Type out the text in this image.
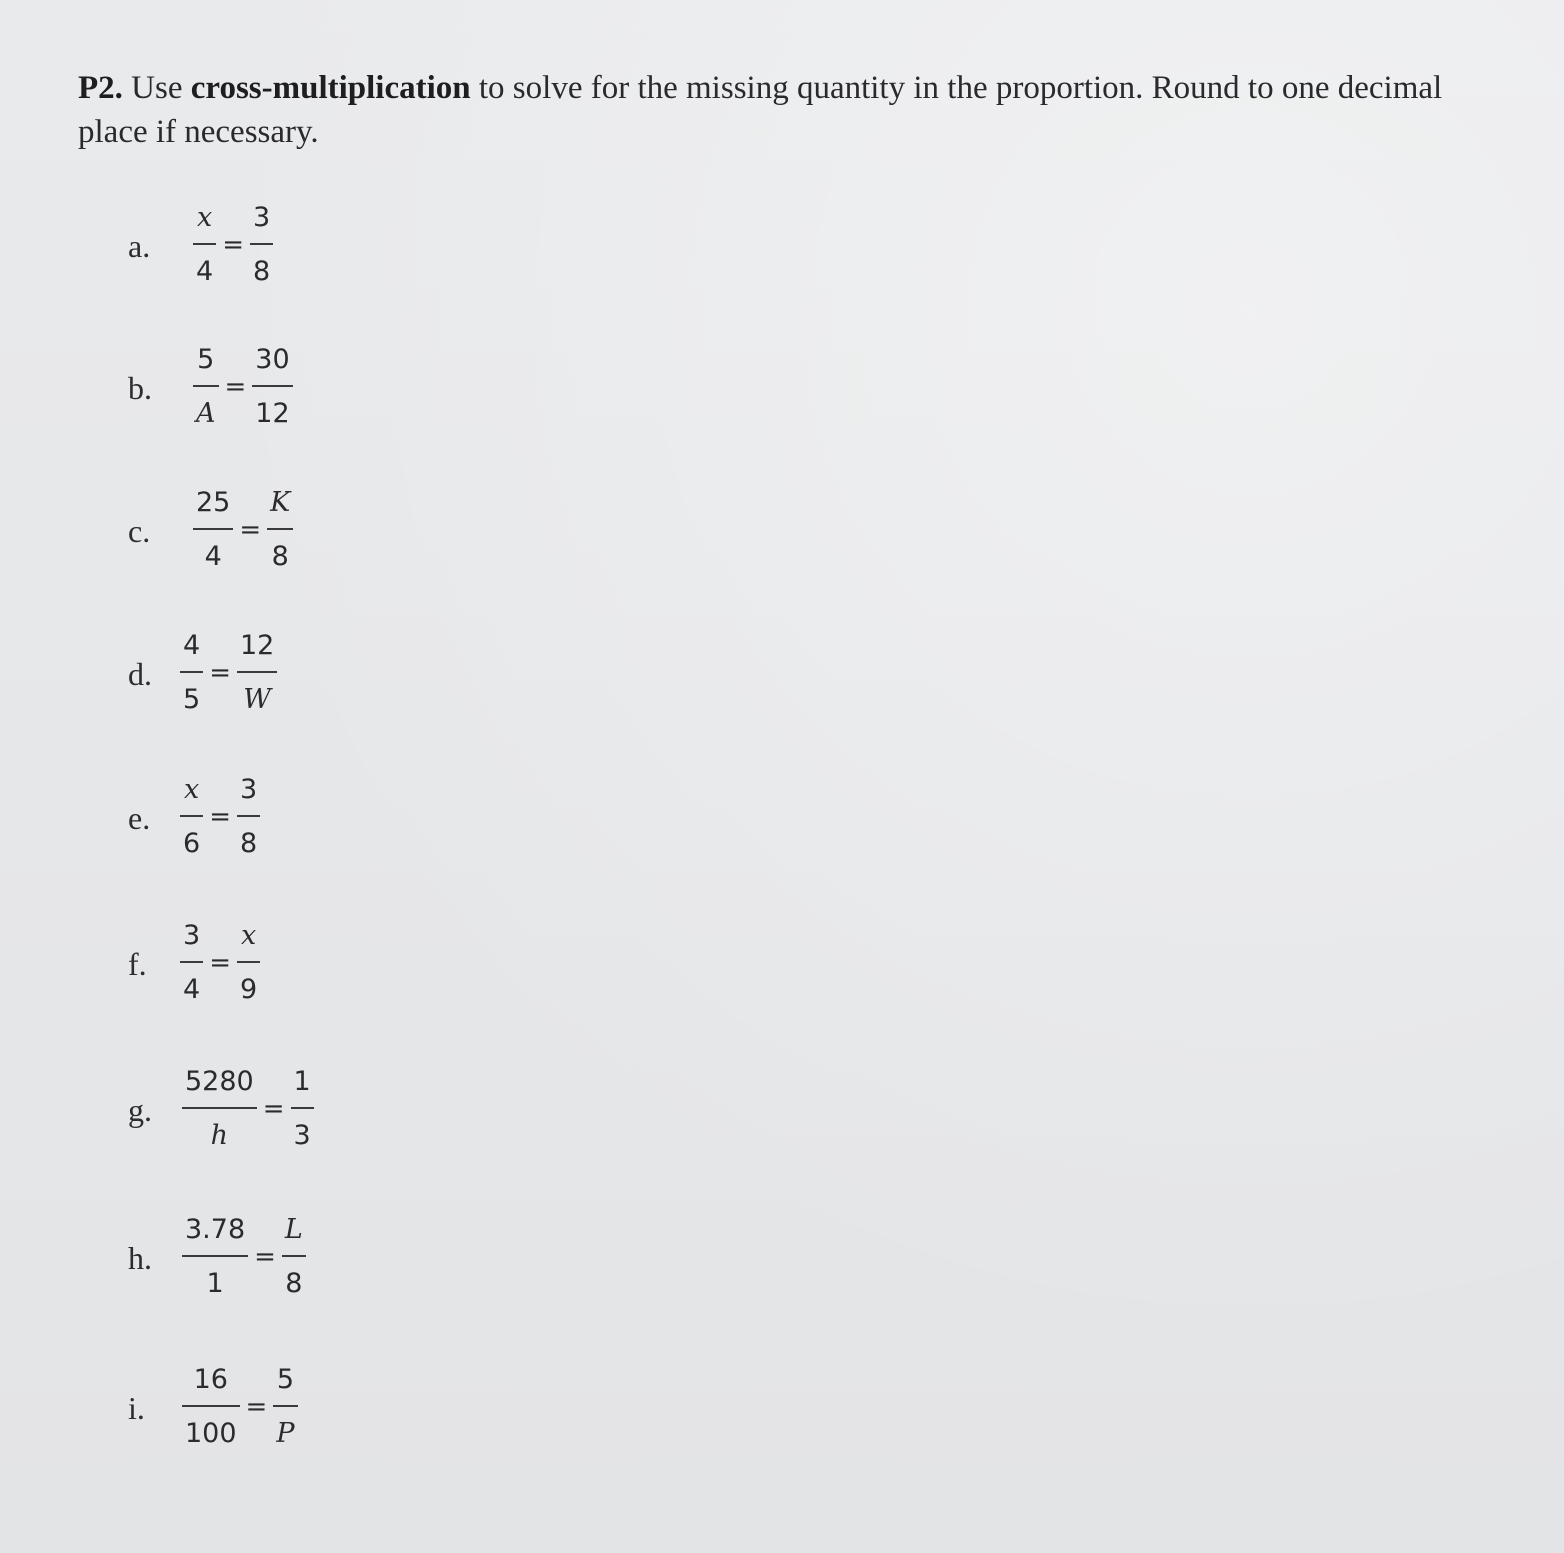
P2. Use cross-multiplication to solve for the missing quantity in the proportion. Round to one decimal place if necessary.
a. $\frac{x}{4} = \frac{3}{8}$
b. $\frac{5}{A} = \frac{30}{12}$
c. $\frac{25}{4} = \frac{K}{8}$
d. $\frac{4}{5} = \frac{12}{W}$
e. $\frac{x}{6} = \frac{3}{8}$
f. $\frac{3}{4} = \frac{x}{9}$
g. $\frac{5280}{h} = \frac{1}{3}$
h. $\frac{3.78}{1} = \frac{L}{8}$
i. $\frac{16}{100} = \frac{5}{P}$
